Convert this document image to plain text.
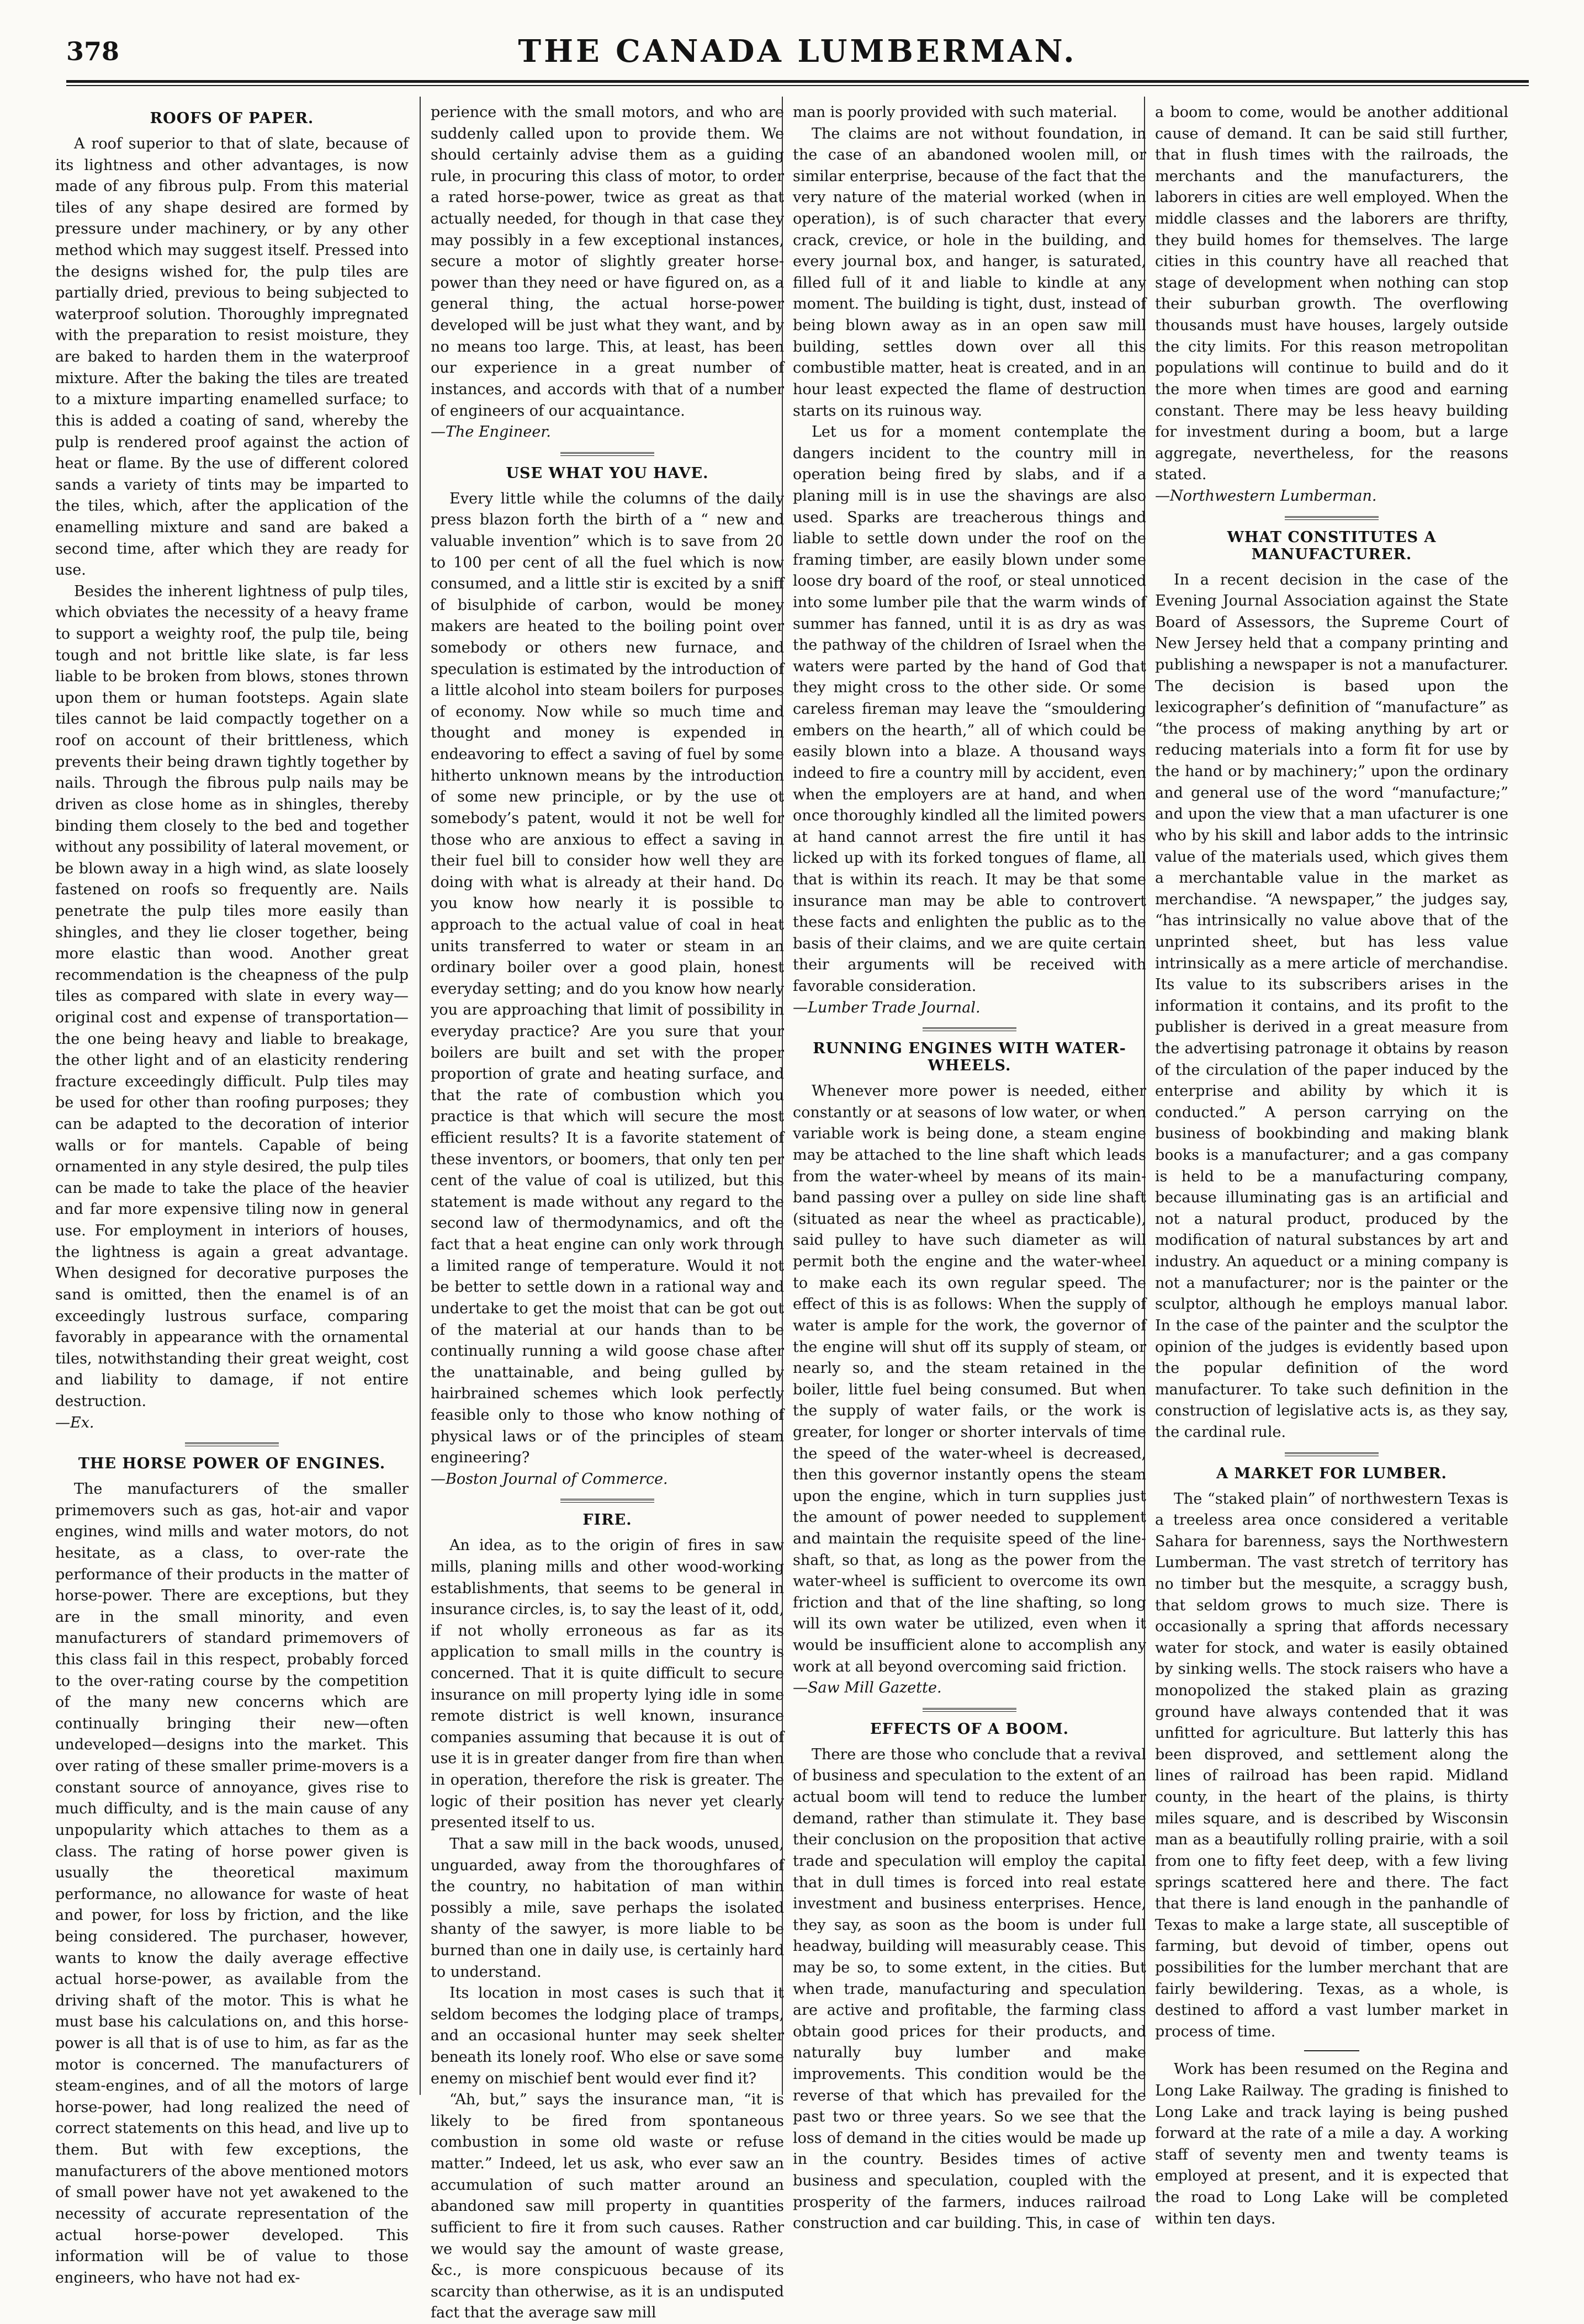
378	THE CANADA LUMBERMAN.
ROOFS OF PAPER.

A roof superior to that of slate, because of its lightness and other advantages, is now made of any fibrous pulp. From this material tiles of any shape desired are formed by pressure under machinery, or by any other method which may suggest itself. Pressed into the designs wished for, the pulp tiles are partially dried, previous to being subjected to waterproof solution. Thoroughly impregnated with the preparation to resist moisture, they are baked to harden them in the waterproof mixture. After the baking the tiles are treated to a mixture imparting enamelled surface; to this is added a coating of sand, whereby the pulp is rendered proof against the action of heat or flame. By the use of different colored sands a variety of tints may be imparted to the tiles, which, after the application of the enamelling mixture and sand are baked a second time, after which they are ready for use.

Besides the inherent lightness of pulp tiles, which obviates the necessity of a heavy frame to support a weighty roof, the pulp tile, being tough and not brittle like slate, is far less liable to be broken from blows, stones thrown upon them or human footsteps. Again slate tiles cannot be laid compactly together on a roof on account of their brittleness, which prevents their being drawn tightly together by nails. Through the fibrous pulp nails may be driven as close home as in shingles, thereby binding them closely to the bed and together without any possibility of lateral movement, or be blown away in a high wind, as slate loosely fastened on roofs so frequently are. Nails penetrate the pulp tiles more easily than shingles, and they lie closer together, being more elastic than wood. Another great recommendation is the cheapness of the pulp tiles as compared with slate in every way—original cost and expense of transportation—the one being heavy and liable to breakage, the other light and of an elasticity rendering fracture exceedingly difficult. Pulp tiles may be used for other than roofing purposes; they can be adapted to the decoration of interior walls or for mantels. Capable of being ornamented in any style desired, the pulp tiles can be made to take the place of the heavier and far more expensive tiling now in general use. For employment in interiors of houses, the lightness is again a great advantage. When designed for decorative purposes the sand is omitted, then the enamel is of an exceedingly lustrous surface, comparing favorably in appearance with the ornamental tiles, notwithstanding their great weight, cost and liability to damage, if not entire destruction.

—Ex.

THE HORSE POWER OF ENGINES.

The manufacturers of the smaller primemovers such as gas, hot-air and vapor engines, wind mills and water motors, do not hesitate, as a class, to over-rate the performance of their products in the matter of horse-power. There are exceptions, but they are in the small minority, and even manufacturers of standard primemovers of this class fail in this respect, probably forced to the over-rating course by the competition of the many new concerns which are continually bringing their new—often undeveloped—designs into the market. This over rating of these smaller prime-movers is a constant source of annoyance, gives rise to much difficulty, and is the main cause of any unpopularity which attaches to them as a class. The rating of horse power given is usually the theoretical maximum performance, no allowance for waste of heat and power, for loss by friction, and the like being considered. The purchaser, however, wants to know the daily average effective actual horse-power, as available from the driving shaft of the motor. This is what he must base his calculations on, and this horse-power is all that is of use to him, as far as the motor is concerned. The manufacturers of steam-engines, and of all the motors of large horse-power, had long realized the need of correct statements on this head, and live up to them. But with few exceptions, the manufacturers of the above mentioned motors of small power have not yet awakened to the necessity of accurate representation of the actual horse-power developed. This information will be of value to those engineers, who have not had ex-

perience with the small motors, and who are suddenly called upon to provide them. We should certainly advise them as a guiding rule, in procuring this class of motor, to order a rated horse-power, twice as great as that actually needed, for though in that case they may possibly in a few exceptional instances, secure a motor of slightly greater horse-power than they need or have figured on, as a general thing, the actual horse-power developed will be just what they want, and by no means too large. This, at least, has been our experience in a great number of instances, and accords with that of a number of engineers of our acquaintance.

—The Engineer.

USE WHAT YOU HAVE.

Every little while the columns of the daily press blazon forth the birth of a “ new and valuable invention” which is to save from 20 to 100 per cent of all the fuel which is now consumed, and a little stir is excited by a sniff of bisulphide of carbon, would be money makers are heated to the boiling point over somebody or others new furnace, and speculation is estimated by the introduction of a little alcohol into steam boilers for purposes of economy. Now while so much time and thought and money is expended in endeavoring to effect a saving of fuel by some hitherto unknown means by the introduction of some new principle, or by the use ot somebody’s patent, would it not be well for those who are anxious to effect a saving in their fuel bill to consider how well they are doing with what is already at their hand. Do you know how nearly it is possible to approach to the actual value of coal in heat units transferred to water or steam in an ordinary boiler over a good plain, honest everyday setting; and do you know how nearly you are approaching that limit of possibility in everyday practice? Are you sure that your boilers are built and set with the proper proportion of grate and heating surface, and that the rate of combustion which you practice is that which will secure the most efficient results? It is a favorite statement of these inventors, or boomers, that only ten per cent of the value of coal is utilized, but this statement is made without any regard to the second law of thermodynamics, and oft the fact that a heat engine can only work through a limited range of temperature. Would it not be better to settle down in a rational way and undertake to get the moist that can be got out of the material at our hands than to be continually running a wild goose chase after the unattainable, and being gulled by hairbrained schemes which look perfectly feasible only to those who know nothing of physical laws or of the principles of steam engineering?

—Boston Journal of Commerce.

FIRE.

An idea, as to the origin of fires in saw mills, planing mills and other wood-working establishments, that seems to be general in insurance circles, is, to say the least of it, odd, if not wholly erroneous as far as its application to small mills in the country is concerned. That it is quite difficult to secure insurance on mill property lying idle in some remote district is well known, insurance companies assuming that because it is out of use it is in greater danger from fire than when in operation, therefore the risk is greater. The logic of their position has never yet clearly presented itself to us.

That a saw mill in the back woods, unused, unguarded, away from the thoroughfares of the country, no habitation of man within possibly a mile, save perhaps the isolated shanty of the sawyer, is more liable to be burned than one in daily use, is certainly hard to understand.

Its location in most cases is such that it seldom becomes the lodging place of tramps, and an occasional hunter may seek shelter beneath its lonely roof. Who else or save some enemy on mischief bent would ever find it?

“Ah, but,” says the insurance man, “it is likely to be fired from spontaneous combustion in some old waste or refuse matter.” Indeed, let us ask, who ever saw an accumulation of such matter around an abandoned saw mill property in quantities sufficient to fire it from such causes. Rather we would say the amount of waste grease, &c., is more conspicuous because of its scarcity than otherwise, as it is an undisputed fact that the average saw mill

man is poorly provided with such material.

The claims are not without foundation, in the case of an abandoned woolen mill, or similar enterprise, because of the fact that the very nature of the material worked (when in operation), is of such character that every crack, crevice, or hole in the building, and every journal box, and hanger, is saturated, filled full of it and liable to kindle at any moment. The building is tight, dust, instead of being blown away as in an open saw mill building, settles down over all this combustible matter, heat is created, and in an hour least expected the flame of destruction starts on its ruinous way.

Let us for a moment contemplate the dangers incident to the country mill in operation being fired by slabs, and if a planing mill is in use the shavings are also used. Sparks are treacherous things and liable to settle down under the roof on the framing timber, are easily blown under some loose dry board of the roof, or steal unnoticed into some lumber pile that the warm winds of summer has fanned, until it is as dry as was the pathway of the children of Israel when the waters were parted by the hand of God that they might cross to the other side. Or some careless fireman may leave the “smouldering embers on the hearth,” all of which could be easily blown into a blaze. A thousand ways indeed to fire a country mill by accident, even when the employers are at hand, and when once thoroughly kindled all the limited powers at hand cannot arrest the fire until it has licked up with its forked tongues of flame, all that is within its reach. It may be that some insurance man may be able to controvert these facts and enlighten the public as to the basis of their claims, and we are quite certain their arguments will be received with favorable consideration.

—Lumber Trade Journal.

RUNNING ENGINES WITH WATER-WHEELS.

Whenever more power is needed, either constantly or at seasons of low water, or when variable work is being done, a steam engine may be attached to the line shaft which leads from the water-wheel by means of its main-band passing over a pulley on side line shaft (situated as near the wheel as practicable), said pulley to have such diameter as will permit both the engine and the water-wheel to make each its own regular speed. The effect of this is as follows: When the supply of water is ample for the work, the governor of the engine will shut off its supply of steam, or nearly so, and the steam retained in the boiler, little fuel being consumed. But when the supply of water fails, or the work is greater, for longer or shorter intervals of time the speed of the water-wheel is decreased, then this governor instantly opens the steam upon the engine, which in turn supplies just the amount of power needed to supplement and maintain the requisite speed of the line-shaft, so that, as long as the power from the water-wheel is sufficient to overcome its own friction and that of the line shafting, so long will its own water be utilized, even when it would be insufficient alone to accomplish any work at all beyond overcoming said friction.

—Saw Mill Gazette.

EFFECTS OF A BOOM.

There are those who conclude that a revival of business and speculation to the extent of an actual boom will tend to reduce the lumber demand, rather than stimulate it. They base their conclusion on the proposition that active trade and speculation will employ the capital that in dull times is forced into real estate investment and business enterprises. Hence, they say, as soon as the boom is under full headway, building will measurably cease. This may be so, to some extent, in the cities. But when trade, manufacturing and speculation are active and profitable, the farming class obtain good prices for their products, and naturally buy lumber and make improvements. This condition would be the reverse of that which has prevailed for the past two or three years. So we see that the loss of demand in the cities would be made up in the country. Besides times of active business and speculation, coupled with the prosperity of the farmers, induces railroad construction and car building. This, in case of

a boom to come, would be another additional cause of demand. It can be said still further, that in flush times with the railroads, the merchants and the manufacturers, the laborers in cities are well employed. When the middle classes and the laborers are thrifty, they build homes for themselves. The large cities in this country have all reached that stage of development when nothing can stop their suburban growth. The overflowing thousands must have houses, largely outside the city limits. For this reason metropolitan populations will continue to build and do it the more when times are good and earning constant. There may be less heavy building for investment during a boom, but a large aggregate, nevertheless, for the reasons stated.

—Northwestern Lumberman.

WHAT CONSTITUTES A MANUFACTURER.

In a recent decision in the case of the Evening Journal Association against the State Board of Assessors, the Supreme Court of New Jersey held that a company printing and publishing a newspaper is not a manufacturer. The decision is based upon the lexicographer’s definition of “manufacture” as “the process of making anything by art or reducing materials into a form fit for use by the hand or by machinery;” upon the ordinary and general use of the word “manufacture;” and upon the view that a man ufacturer is one who by his skill and labor adds to the intrinsic value of the materials used, which gives them a merchantable value in the market as merchandise. “A newspaper,” the judges say, “has intrinsically no value above that of the unprinted sheet, but has less value intrinsically as a mere article of merchandise. Its value to its subscribers arises in the information it contains, and its profit to the publisher is derived in a great measure from the advertising patronage it obtains by reason of the circulation of the paper induced by the enterprise and ability by which it is conducted.” A person carrying on the business of bookbinding and making blank books is a manufacturer; and a gas company is held to be a manufacturing company, because illuminating gas is an artificial and not a natural product, produced by the modification of natural substances by art and industry. An aqueduct or a mining company is not a manufacturer; nor is the painter or the sculptor, although he employs manual labor. In the case of the painter and the sculptor the opinion of the judges is evidently based upon the popular definition of the word manufacturer. To take such definition in the construction of legislative acts is, as they say, the cardinal rule.

A MARKET FOR LUMBER.

The “staked plain” of northwestern Texas is a treeless area once considered a veritable Sahara for barenness, says the Northwestern Lumberman. The vast stretch of territory has no timber but the mesquite, a scraggy bush, that seldom grows to much size. There is occasionally a spring that affords necessary water for stock, and water is easily obtained by sinking wells. The stock raisers who have a monopolized the staked plain as grazing ground have always contended that it was unfitted for agriculture. But latterly this has been disproved, and settlement along the lines of railroad has been rapid. Midland county, in the heart of the plains, is thirty miles square, and is described by Wisconsin man as a beautifully rolling prairie, with a soil from one to fifty feet deep, with a few living springs scattered here and there. The fact that there is land enough in the panhandle of Texas to make a large state, all susceptible of farming, but devoid of timber, opens out possibilities for the lumber merchant that are fairly bewildering. Texas, as a whole, is destined to afford a vast lumber market in process of time.

Work has been resumed on the Regina and Long Lake Railway. The grading is finished to Long Lake and track laying is being pushed forward at the rate of a mile a day. A working staff of seventy men and twenty teams is employed at present, and it is expected that the road to Long Lake will be completed within ten days.
